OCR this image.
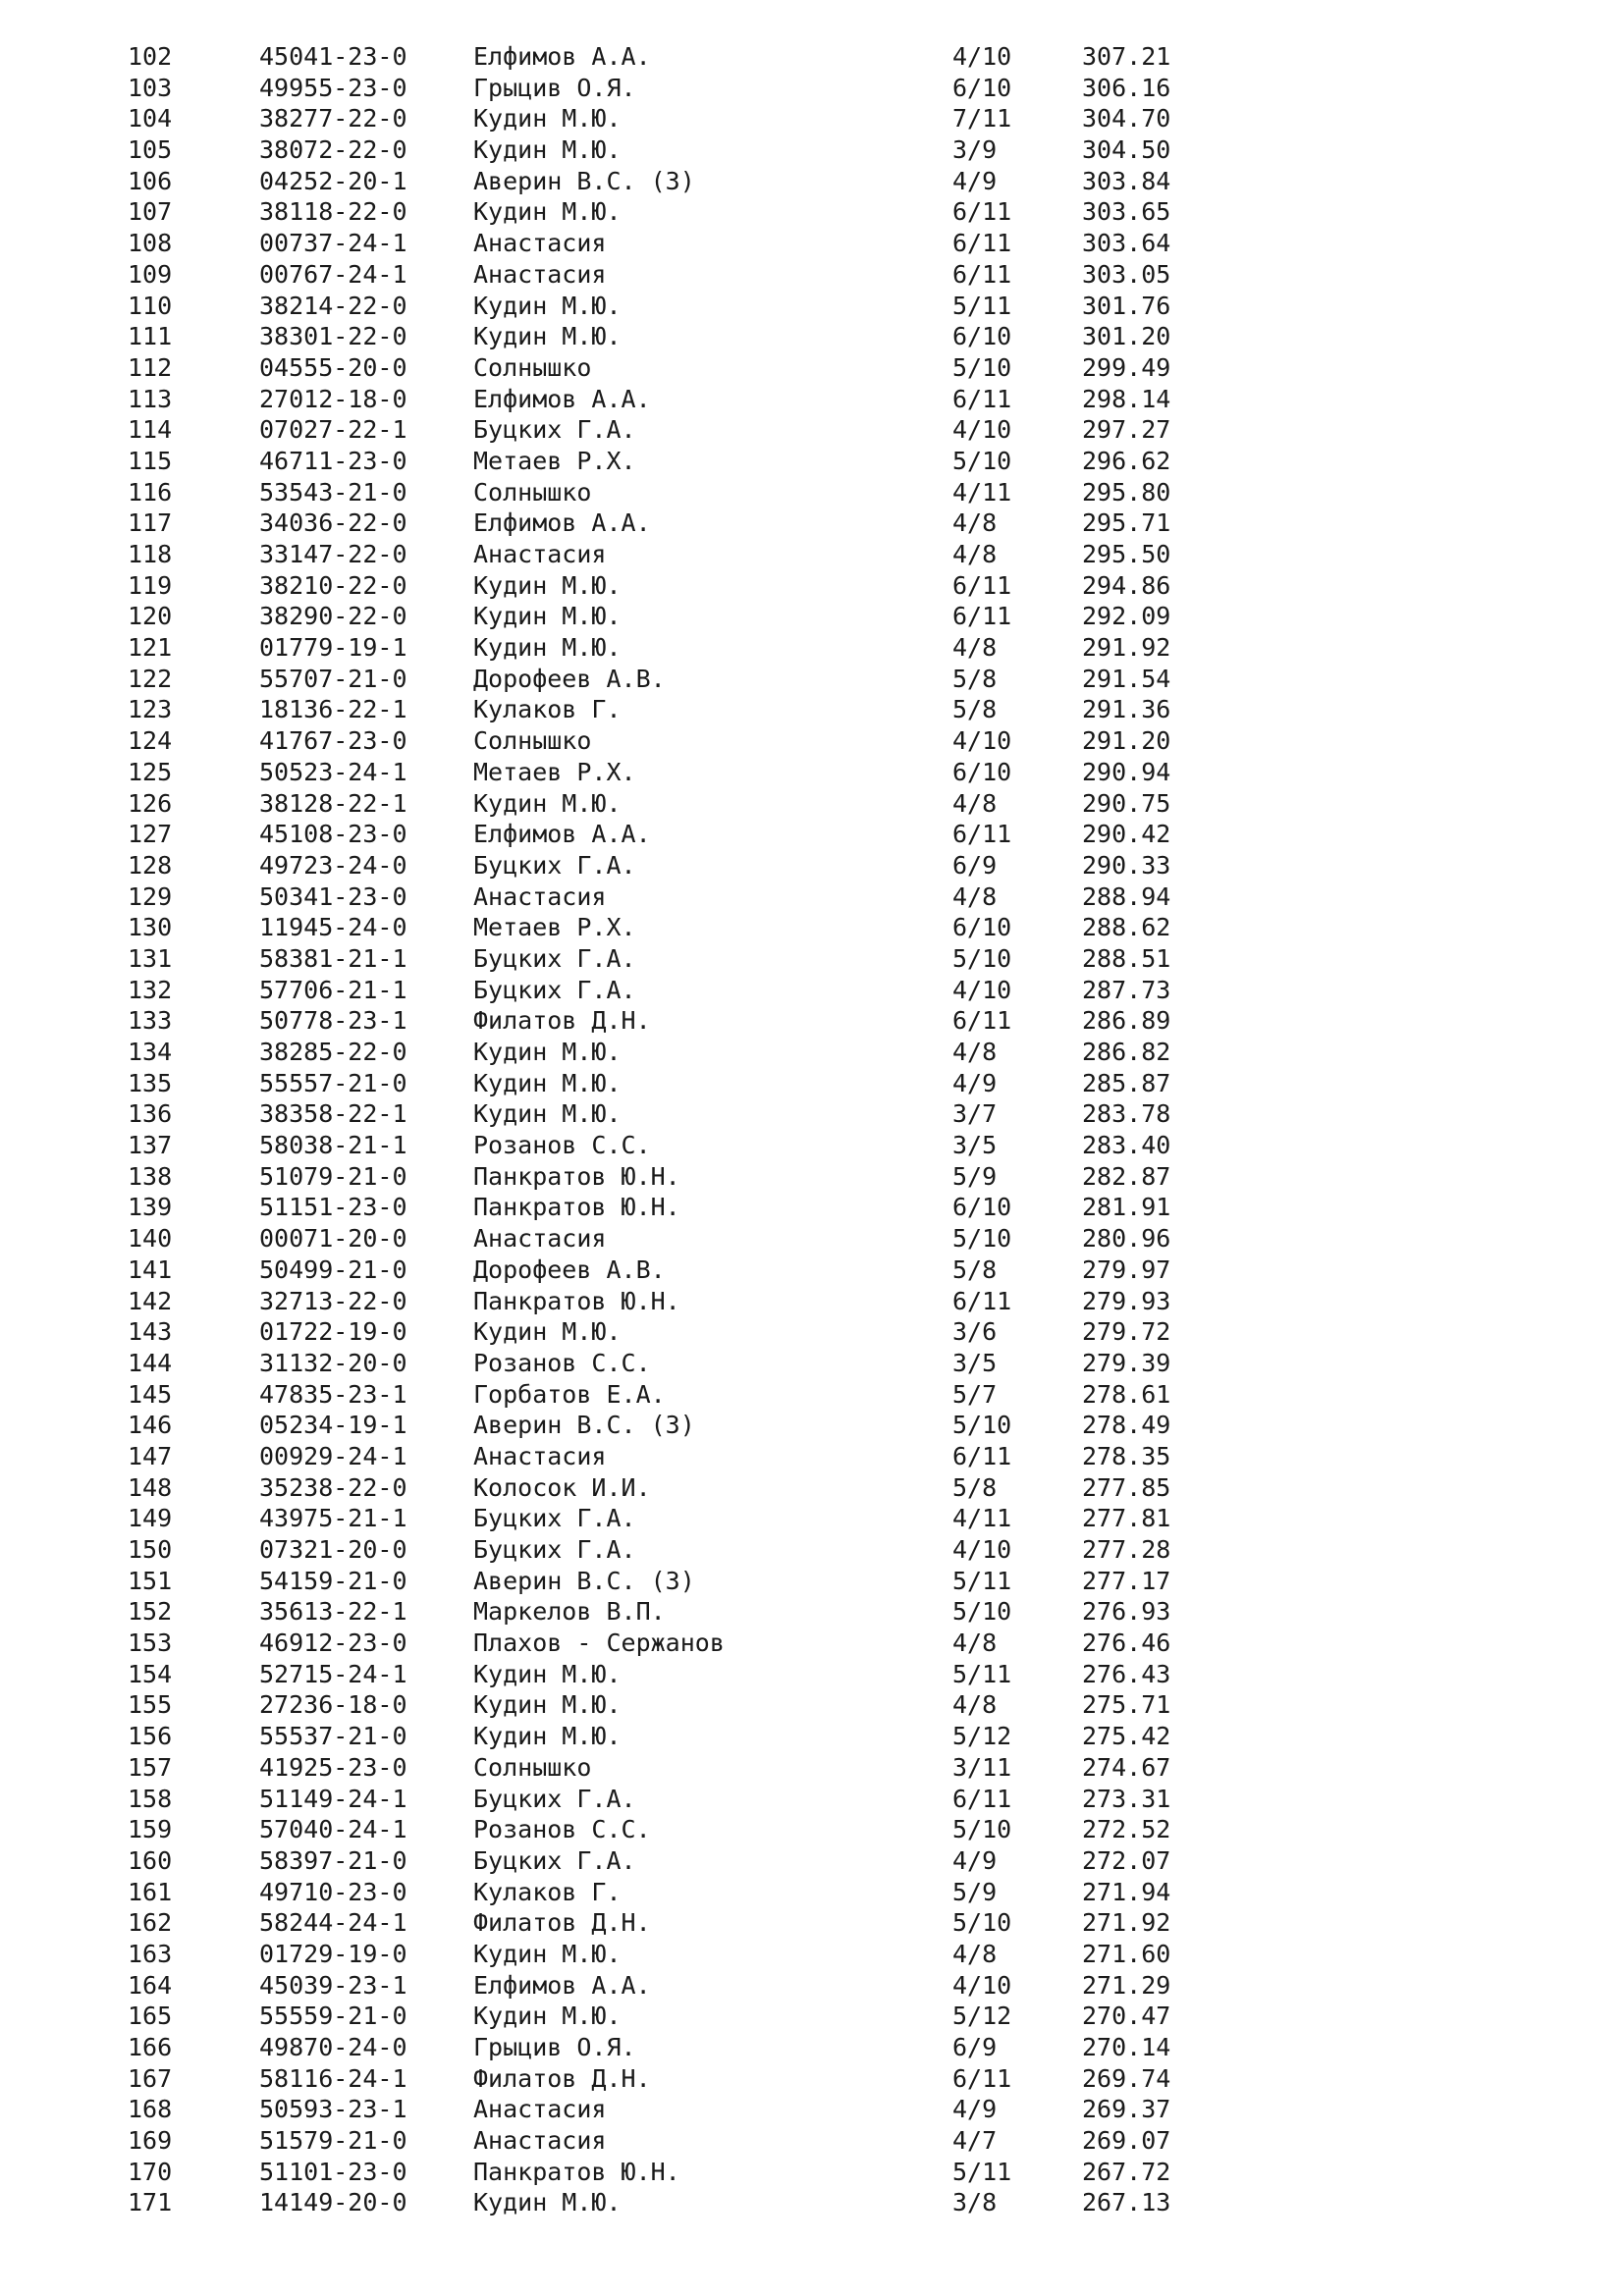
102	45041-23-0	Елфимов А.А.	4/10	307.21
103	49955-23-0	Грыцив О.Я.	6/10	306.16
104	38277-22-0	Кудин М.Ю.	7/11	304.70
105	38072-22-0	Кудин М.Ю.	3/9	304.50
106	04252-20-1	Аверин В.С. (З)	4/9	303.84
107	38118-22-0	Кудин М.Ю.	6/11	303.65
108	00737-24-1	Анастасия	6/11	303.64
109	00767-24-1	Анастасия	6/11	303.05
110	38214-22-0	Кудин М.Ю.	5/11	301.76
111	38301-22-0	Кудин М.Ю.	6/10	301.20
112	04555-20-0	Солнышко	5/10	299.49
113	27012-18-0	Елфимов А.А.	6/11	298.14
114	07027-22-1	Буцких Г.А.	4/10	297.27
115	46711-23-0	Метаев Р.Х.	5/10	296.62
116	53543-21-0	Солнышко	4/11	295.80
117	34036-22-0	Елфимов А.А.	4/8	295.71
118	33147-22-0	Анастасия	4/8	295.50
119	38210-22-0	Кудин М.Ю.	6/11	294.86
120	38290-22-0	Кудин М.Ю.	6/11	292.09
121	01779-19-1	Кудин М.Ю.	4/8	291.92
122	55707-21-0	Дорофеев А.В.	5/8	291.54
123	18136-22-1	Кулаков Г.	5/8	291.36
124	41767-23-0	Солнышко	4/10	291.20
125	50523-24-1	Метаев Р.Х.	6/10	290.94
126	38128-22-1	Кудин М.Ю.	4/8	290.75
127	45108-23-0	Елфимов А.А.	6/11	290.42
128	49723-24-0	Буцких Г.А.	6/9	290.33
129	50341-23-0	Анастасия	4/8	288.94
130	11945-24-0	Метаев Р.Х.	6/10	288.62
131	58381-21-1	Буцких Г.А.	5/10	288.51
132	57706-21-1	Буцких Г.А.	4/10	287.73
133	50778-23-1	Филатов Д.Н.	6/11	286.89
134	38285-22-0	Кудин М.Ю.	4/8	286.82
135	55557-21-0	Кудин М.Ю.	4/9	285.87
136	38358-22-1	Кудин М.Ю.	3/7	283.78
137	58038-21-1	Розанов С.С.	3/5	283.40
138	51079-21-0	Панкратов Ю.Н.	5/9	282.87
139	51151-23-0	Панкратов Ю.Н.	6/10	281.91
140	00071-20-0	Анастасия	5/10	280.96
141	50499-21-0	Дорофеев А.В.	5/8	279.97
142	32713-22-0	Панкратов Ю.Н.	6/11	279.93
143	01722-19-0	Кудин М.Ю.	3/6	279.72
144	31132-20-0	Розанов С.С.	3/5	279.39
145	47835-23-1	Горбатов Е.А.	5/7	278.61
146	05234-19-1	Аверин В.С. (З)	5/10	278.49
147	00929-24-1	Анастасия	6/11	278.35
148	35238-22-0	Колосок И.И.	5/8	277.85
149	43975-21-1	Буцких Г.А.	4/11	277.81
150	07321-20-0	Буцких Г.А.	4/10	277.28
151	54159-21-0	Аверин В.С. (З)	5/11	277.17
152	35613-22-1	Маркелов В.П.	5/10	276.93
153	46912-23-0	Плахов - Сержанов	4/8	276.46
154	52715-24-1	Кудин М.Ю.	5/11	276.43
155	27236-18-0	Кудин М.Ю.	4/8	275.71
156	55537-21-0	Кудин М.Ю.	5/12	275.42
157	41925-23-0	Солнышко	3/11	274.67
158	51149-24-1	Буцких Г.А.	6/11	273.31
159	57040-24-1	Розанов С.С.	5/10	272.52
160	58397-21-0	Буцких Г.А.	4/9	272.07
161	49710-23-0	Кулаков Г.	5/9	271.94
162	58244-24-1	Филатов Д.Н.	5/10	271.92
163	01729-19-0	Кудин М.Ю.	4/8	271.60
164	45039-23-1	Елфимов А.А.	4/10	271.29
165	55559-21-0	Кудин М.Ю.	5/12	270.47
166	49870-24-0	Грыцив О.Я.	6/9	270.14
167	58116-24-1	Филатов Д.Н.	6/11	269.74
168	50593-23-1	Анастасия	4/9	269.37
169	51579-21-0	Анастасия	4/7	269.07
170	51101-23-0	Панкратов Ю.Н.	5/11	267.72
171	14149-20-0	Кудин М.Ю.	3/8	267.13
